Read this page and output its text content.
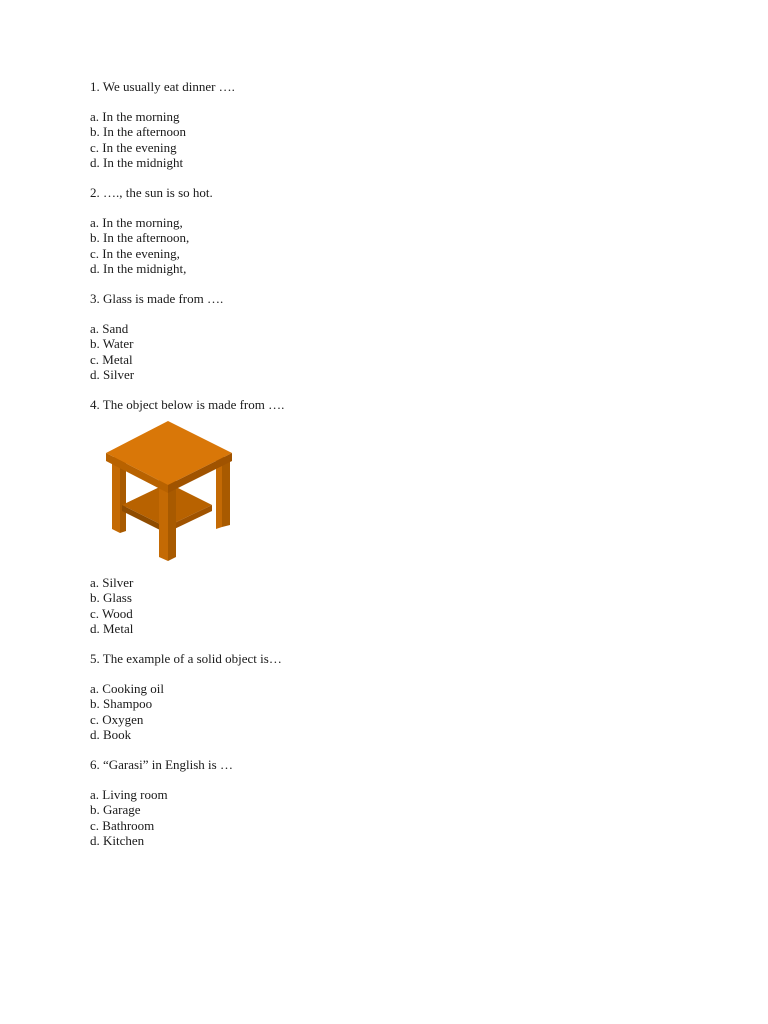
1. We usually eat dinner ….

a. In the morning
b. In the afternoon
c. In the evening
d. In the midnight

2. …., the sun is so hot.

a. In the morning,
b. In the afternoon,
c. In the evening,
d. In the midnight,

3. Glass is made from ….

a. Sand
b. Water
c. Metal
d. Silver

4. The object below is made from ….

a. Silver
b. Glass
c. Wood
d. Metal

5. The example of a solid object is…

a. Cooking oil
b. Shampoo
c. Oxygen
d. Book

6. “Garasi” in English is …

a. Living room
b. Garage
c. Bathroom
d. Kitchen
